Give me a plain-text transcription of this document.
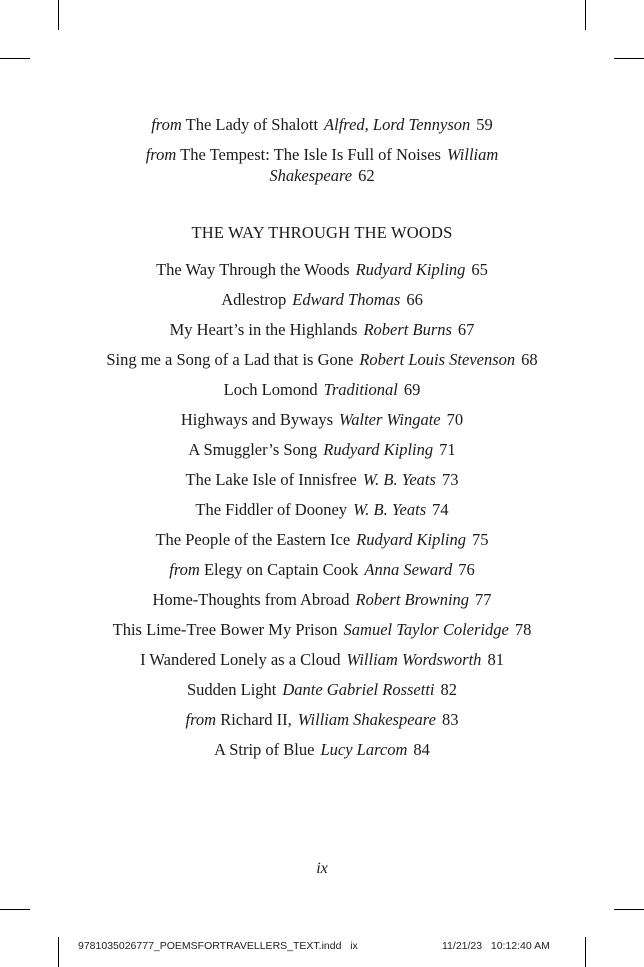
from The Lady of Shalott Alfred, Lord Tennyson 59
from The Tempest: The Isle Is Full of Noises William Shakespeare 62
THE WAY THROUGH THE WOODS
The Way Through the Woods Rudyard Kipling 65
Adlestrop Edward Thomas 66
My Heart’s in the Highlands Robert Burns 67
Sing me a Song of a Lad that is Gone Robert Louis Stevenson 68
Loch Lomond Traditional 69
Highways and Byways Walter Wingate 70
A Smuggler’s Song Rudyard Kipling 71
The Lake Isle of Innisfree W. B. Yeats 73
The Fiddler of Dooney W. B. Yeats 74
The People of the Eastern Ice Rudyard Kipling 75
from Elegy on Captain Cook Anna Seward 76
Home-Thoughts from Abroad Robert Browning 77
This Lime-Tree Bower My Prison Samuel Taylor Coleridge 78
I Wandered Lonely as a Cloud William Wordsworth 81
Sudden Light Dante Gabriel Rossetti 82
from Richard II, William Shakespeare 83
A Strip of Blue Lucy Larcom 84
ix
9781035026777_POEMSFORTRAVELLERS_TEXT.indd ix	11/21/23 10:12:40 AM
